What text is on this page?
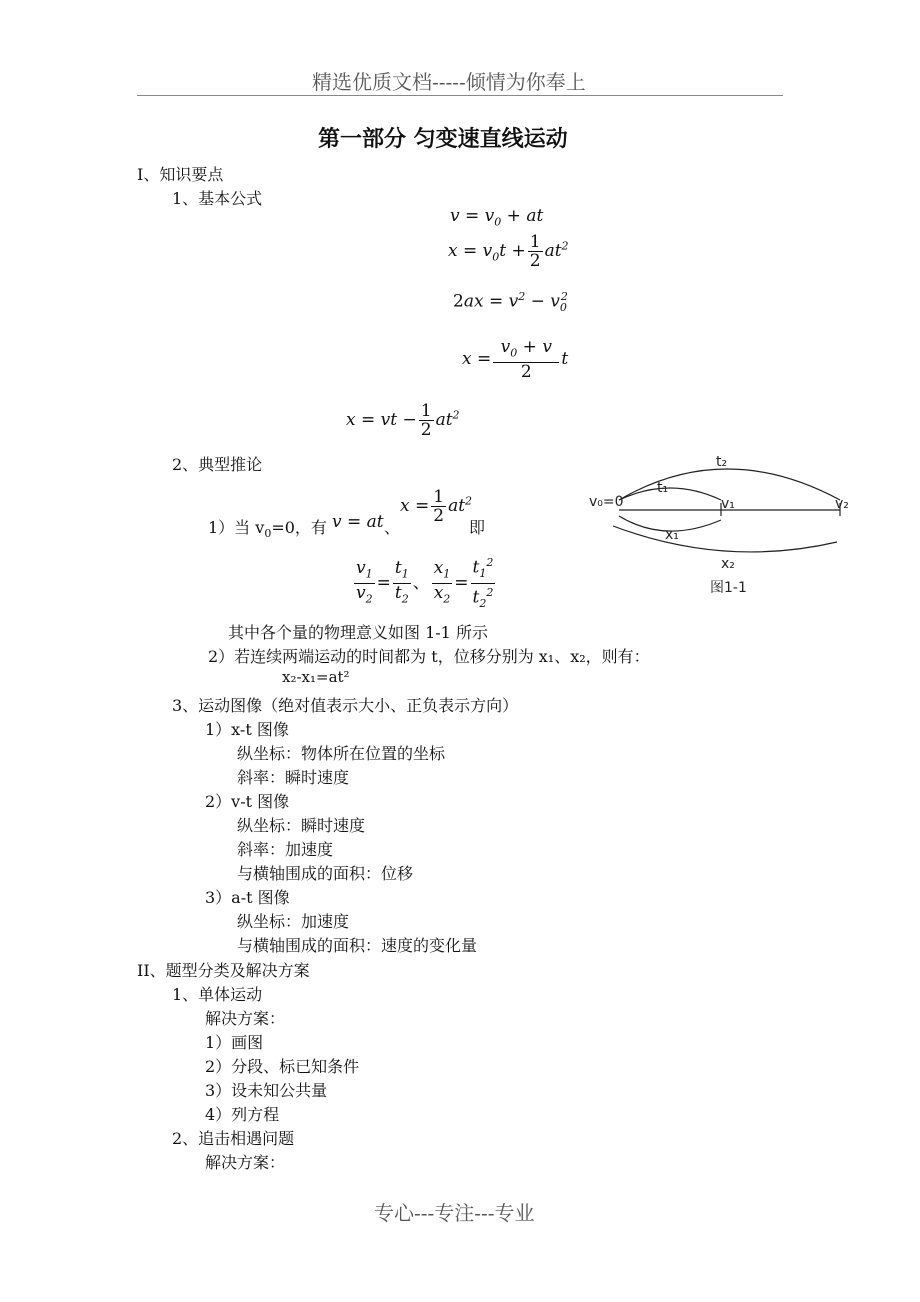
精选优质文档-----倾情为你奉上
第一部分 匀变速直线运动
I、知识要点
1、基本公式
$v = v_0$ + at
$x = v_0t + \frac{1}{2} at^2$
$2ax = v^2 - v_0^2$
$x = \frac{v_0 + v}{2}$ t
x = vt − $\frac{1}{2} at^2$
2、典型推论
1）当 $v_0=0$，有 v = at 、
$x = \frac{1}{2} at^2$
即
$\frac{v_1}{v_2} = \frac{t_1}{t_2}$ 、 $\frac{x_1}{x_2} = \frac{t_1^2}{t_2^2}$
其中各个量的物理意义如图 1-1 所示
2）若连续两端运动的时间都为 t，位移分别为 x₁、x₂，则有：
x₂-x₁=at²
3、运动图像（绝对值表示大小、正负表示方向）
1）x-t 图像
纵坐标：物体所在位置的坐标
斜率：瞬时速度
2）v-t 图像
纵坐标：瞬时速度
斜率：加速度
与横轴围成的面积：位移
3）a-t 图像
纵坐标：加速度
与横轴围成的面积：速度的变化量
II、题型分类及解决方案
1、单体运动
解决方案：
1）画图
2）分段、标已知条件
3）设未知公共量
4）列方程
2、追击相遇问题
解决方案：
专心---专注---专业
t₂
t₁
v₀=0	v₁	v₂
x₁
x₂
图1-1
